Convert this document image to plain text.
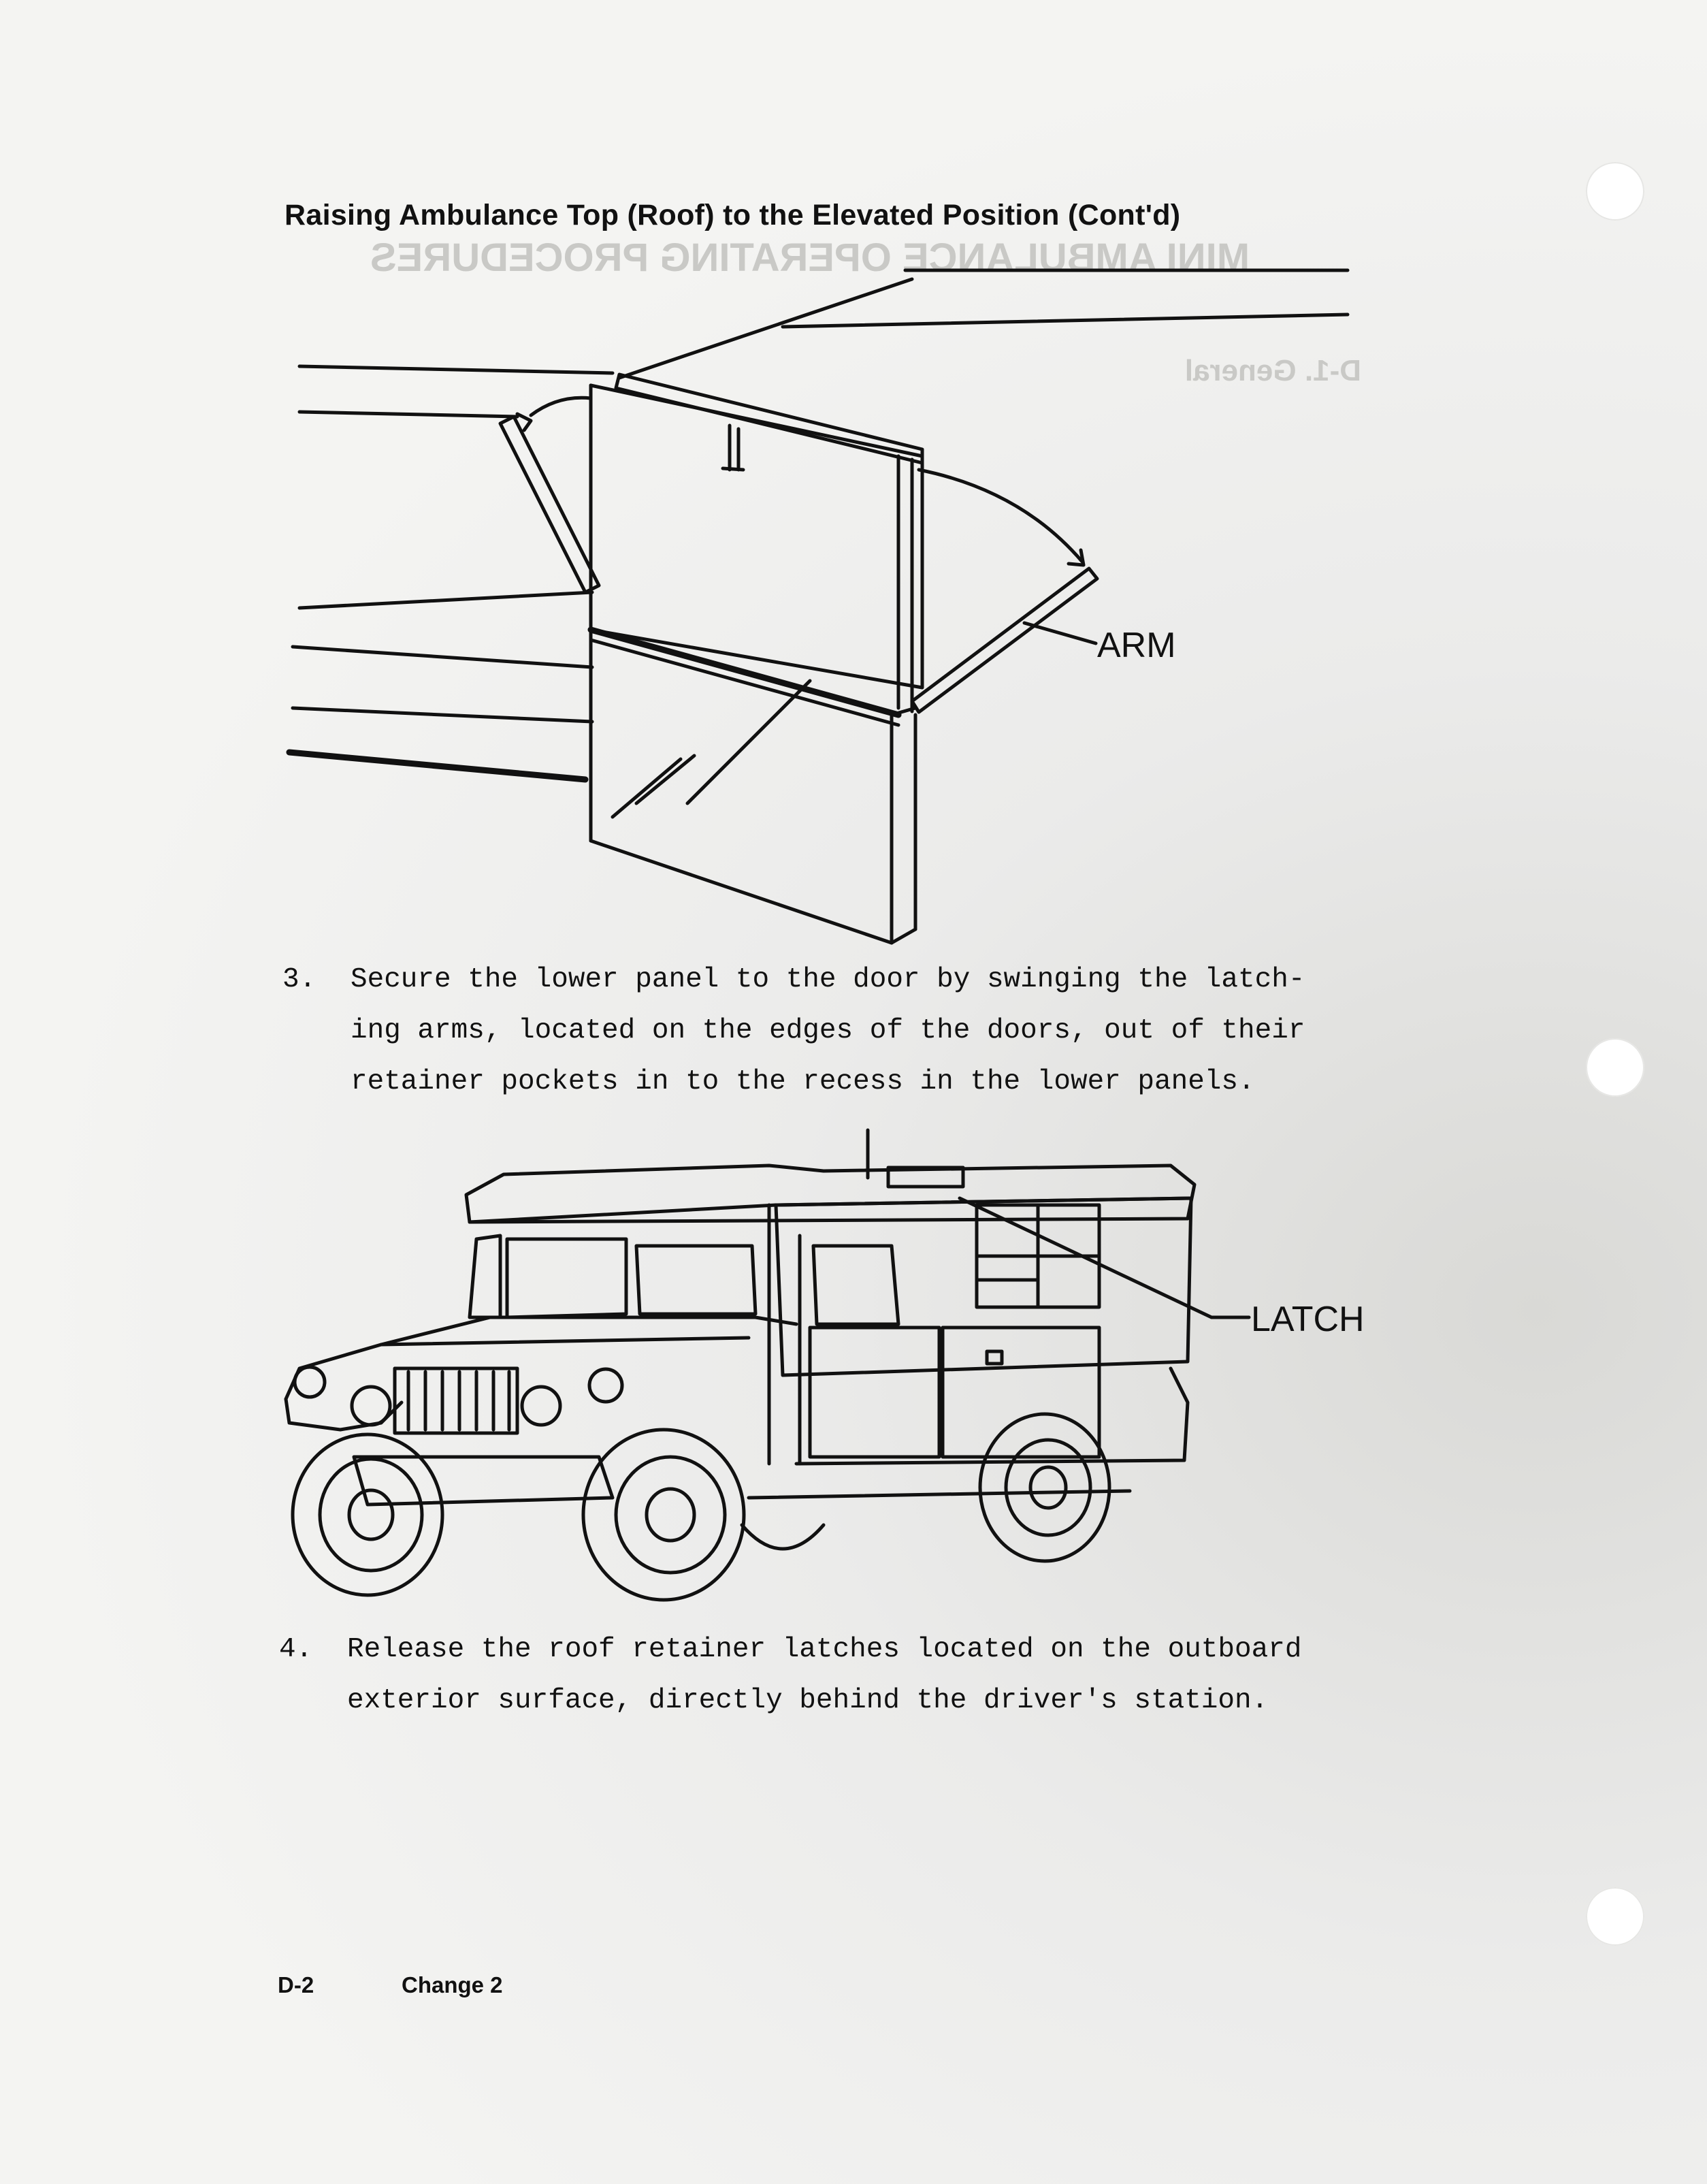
MINI AMBULANCE OPERATING PROCEDURES
D-1. General
Raising Ambulance Top (Roof) to the Elevated Position (Cont'd)
ARM
3. Secure the lower panel to the door by swinging the latch-
ing arms, located on the edges of the doors, out of their
retainer pockets in to the recess in the lower panels.
LATCH
4. Release the roof retainer latches located on the outboard
exterior surface, directly behind the driver's station.
D-2	Change 2
